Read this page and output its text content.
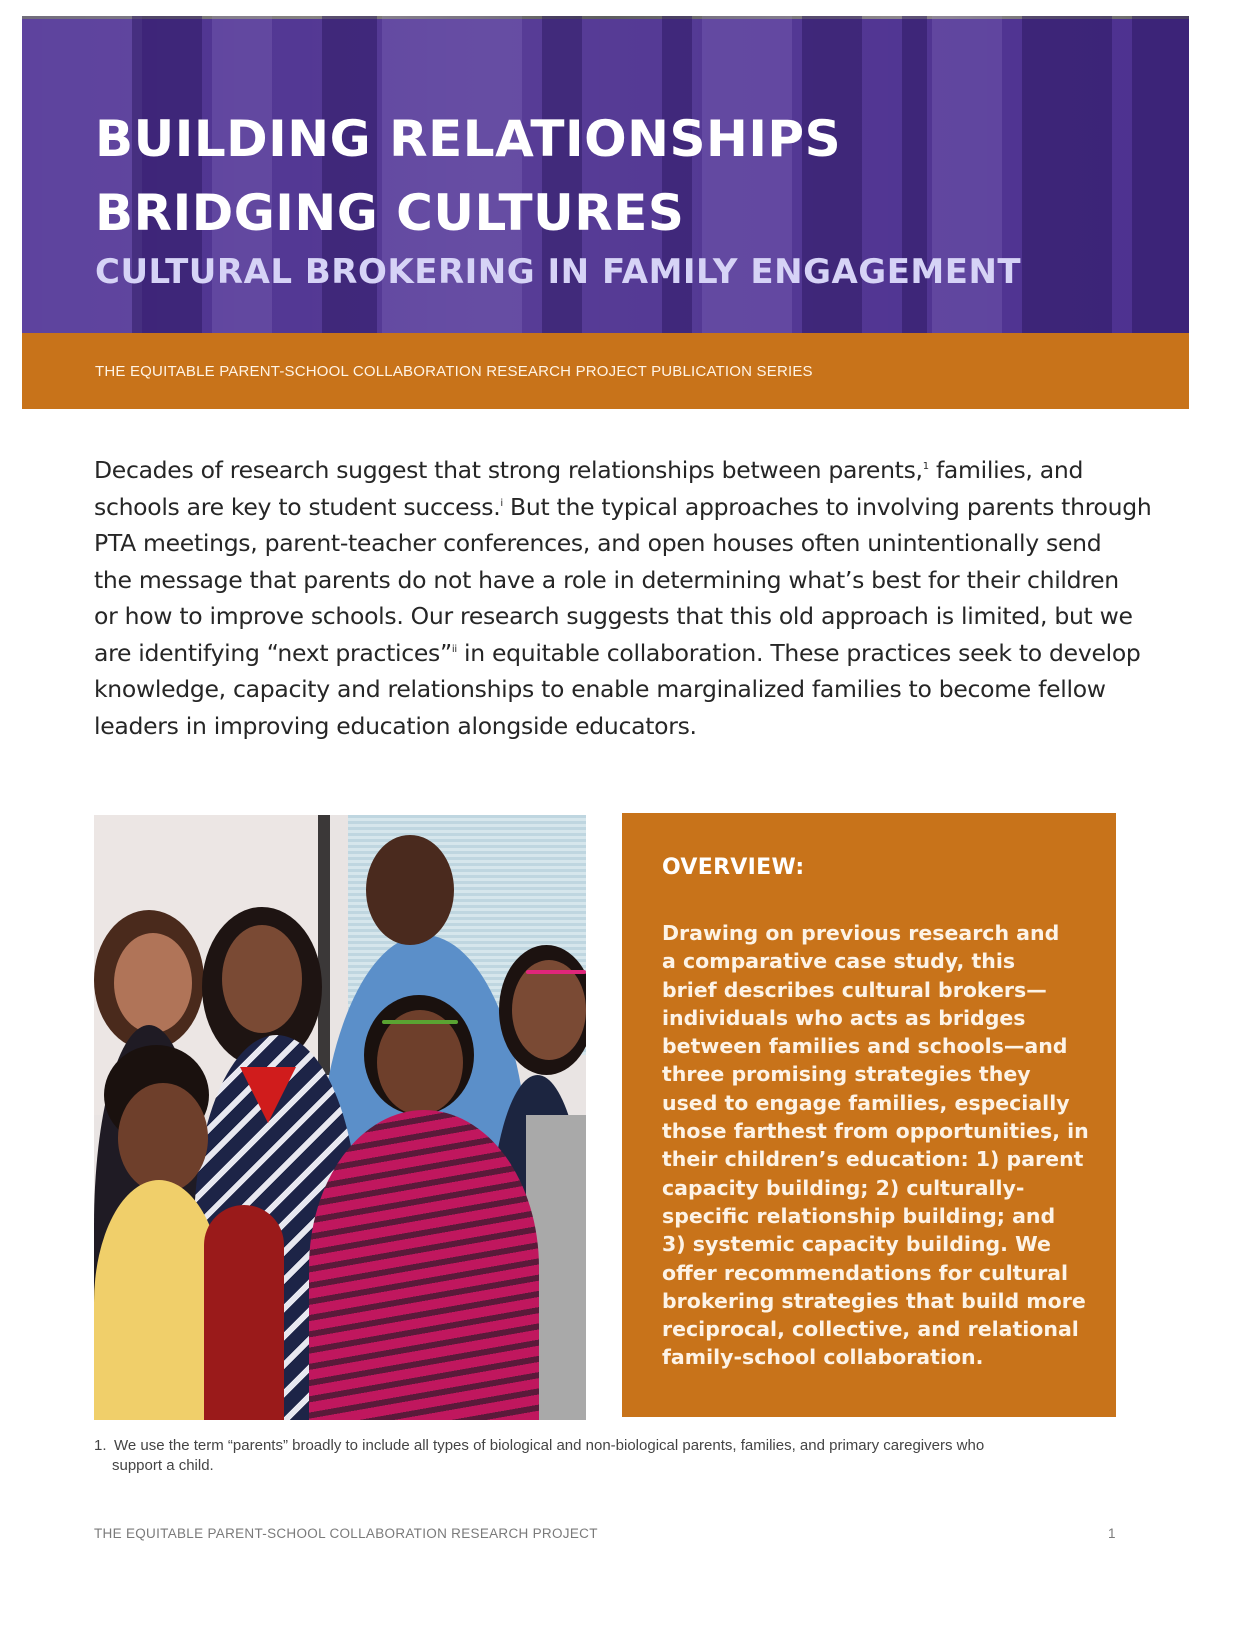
BUILDING RELATIONSHIPS
BRIDGING CULTURES
CULTURAL BROKERING IN FAMILY ENGAGEMENT
THE EQUITABLE PARENT-SCHOOL COLLABORATION RESEARCH PROJECT PUBLICATION SERIES

Decades of research suggest that strong relationships between parents,$^1$ families, and
schools are key to student success.$^i$ But the typical approaches to involving parents through
PTA meetings, parent-teacher conferences, and open houses often unintentionally send
the message that parents do not have a role in determining what’s best for their children
or how to improve schools. Our research suggests that this old approach is limited, but we
are identifying “next practices”$^{ii}$ in equitable collaboration. These practices seek to develop
knowledge, capacity and relationships to enable marginalized families to become fellow
leaders in improving education alongside educators.

OVERVIEW:
Drawing on previous research and
a comparative case study, this
brief describes cultural brokers—
individuals who acts as bridges
between families and schools—and
three promising strategies they
used to engage families, especially
those farthest from opportunities, in
their children’s education: 1) parent
capacity building; 2) culturally-
specific relationship building; and
3) systemic capacity building. We
offer recommendations for cultural
brokering strategies that build more
reciprocal, collective, and relational
family-school collaboration.
1. We use the term “parents” broadly to include all types of biological and non-biological parents, families, and primary caregivers who
support a child.
THE EQUITABLE PARENT-SCHOOL COLLABORATION RESEARCH PROJECT	1
